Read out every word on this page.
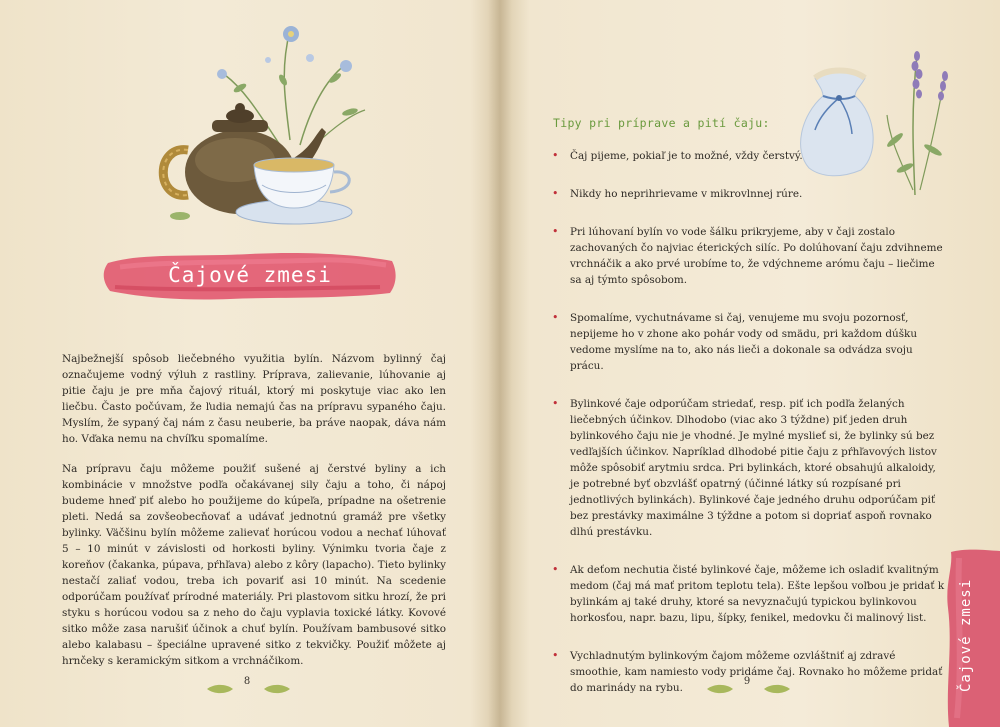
Čajové zmesi

Najbežnejší spôsob liečebného využitia bylín. Názvom bylinný čaj označujeme vodný výluh z rastliny. Príprava, zalievanie, lúhovanie aj pitie čaju je pre mňa čajový rituál, ktorý mi poskytuje viac ako len liečbu. Často počúvam, že ľudia nemajú čas na prípravu sypaného čaju. Myslím, že sypaný čaj nám z času neuberie, ba práve naopak, dáva nám ho. Vďaka nemu na chvíľku spomalíme.

Na prípravu čaju môžeme použiť sušené aj čerstvé byliny a ich kombinácie v množstve podľa očakávanej sily čaju a toho, či nápoj budeme hneď piť alebo ho použijeme do kúpeľa, prípadne na ošetrenie pleti. Nedá sa zovšeobecňovať a udávať jednotnú gramáž pre všetky bylinky. Väčšinu bylín môžeme zalievať horúcou vodou a nechať lúhovať 5 – 10 minút v závislosti od horkosti byliny. Výnimku tvoria čaje z koreňov (čakanka, púpava, pŕhľava) alebo z kôry (lapacho). Tieto bylinky nestačí zaliať vodou, treba ich povariť asi 10 minút. Na scedenie odporúčam používať prírodné materiály. Pri plastovom sitku hrozí, že pri styku s horúcou vodou sa z neho do čaju vyplavia toxické látky. Kovové sitko môže zasa narušiť účinok a chuť bylín. Používam bambusové sitko alebo kalabasu – špeciálne upravené sitko z tekvičky. Použiť môžete aj hrnčeky s keramickým sitkom a vrchnáčikom.

8
Tipy pri príprave a pití čaju:
• Čaj pijeme, pokiaľ je to možné, vždy čerstvý.
• Nikdy ho neprihrievame v mikrovlnnej rúre.
• Pri lúhovaní bylín vo vode šálku prikryjeme, aby v čaji zostalo zachovaných čo najviac éterických silíc. Po dolúhovaní čaju zdvihneme vrchnáčik a ako prvé urobíme to, že vdýchneme arómu čaju – liečime sa aj týmto spôsobom.
• Spomalíme, vychutnávame si čaj, venujeme mu svoju pozornosť, nepijeme ho v zhone ako pohár vody od smädu, pri každom dúšku vedome myslíme na to, ako nás lieči a dokonale sa odvádza svoju prácu.
• Bylinkové čaje odporúčam striedať, resp. piť ich podľa želaných liečebných účinkov. Dlhodobo (viac ako 3 týždne) piť jeden druh bylinkového čaju nie je vhodné. Je mylné myslieť si, že bylinky sú bez vedľajších účinkov. Napríklad dlhodobé pitie čaju z pŕhľavových listov môže spôsobiť arytmiu srdca. Pri bylinkách, ktoré obsahujú alkaloidy, je potrebné byť obzvlášť opatrný (účinné látky sú rozpísané pri jednotlivých bylinkách). Bylinkové čaje jedného druhu odporúčam piť bez prestávky maximálne 3 týždne a potom si dopriať aspoň rovnako dlhú prestávku.
• Ak deťom nechutia čisté bylinkové čaje, môžeme ich osladiť kvalitným medom (čaj má mať pritom teplotu tela). Ešte lepšou voľbou je pridať k bylinkám aj také druhy, ktoré sa nevyznačujú typickou bylinkovou horkosťou, napr. bazu, lipu, šípky, fenikel, medovku či malinový list.
• Vychladnutým bylinkovým čajom môžeme ozvláštniť aj zdravé smoothie, kam namiesto vody pridáme čaj. Rovnako ho môžeme pridať do marinády na rybu.
9	Čajové zmesi
